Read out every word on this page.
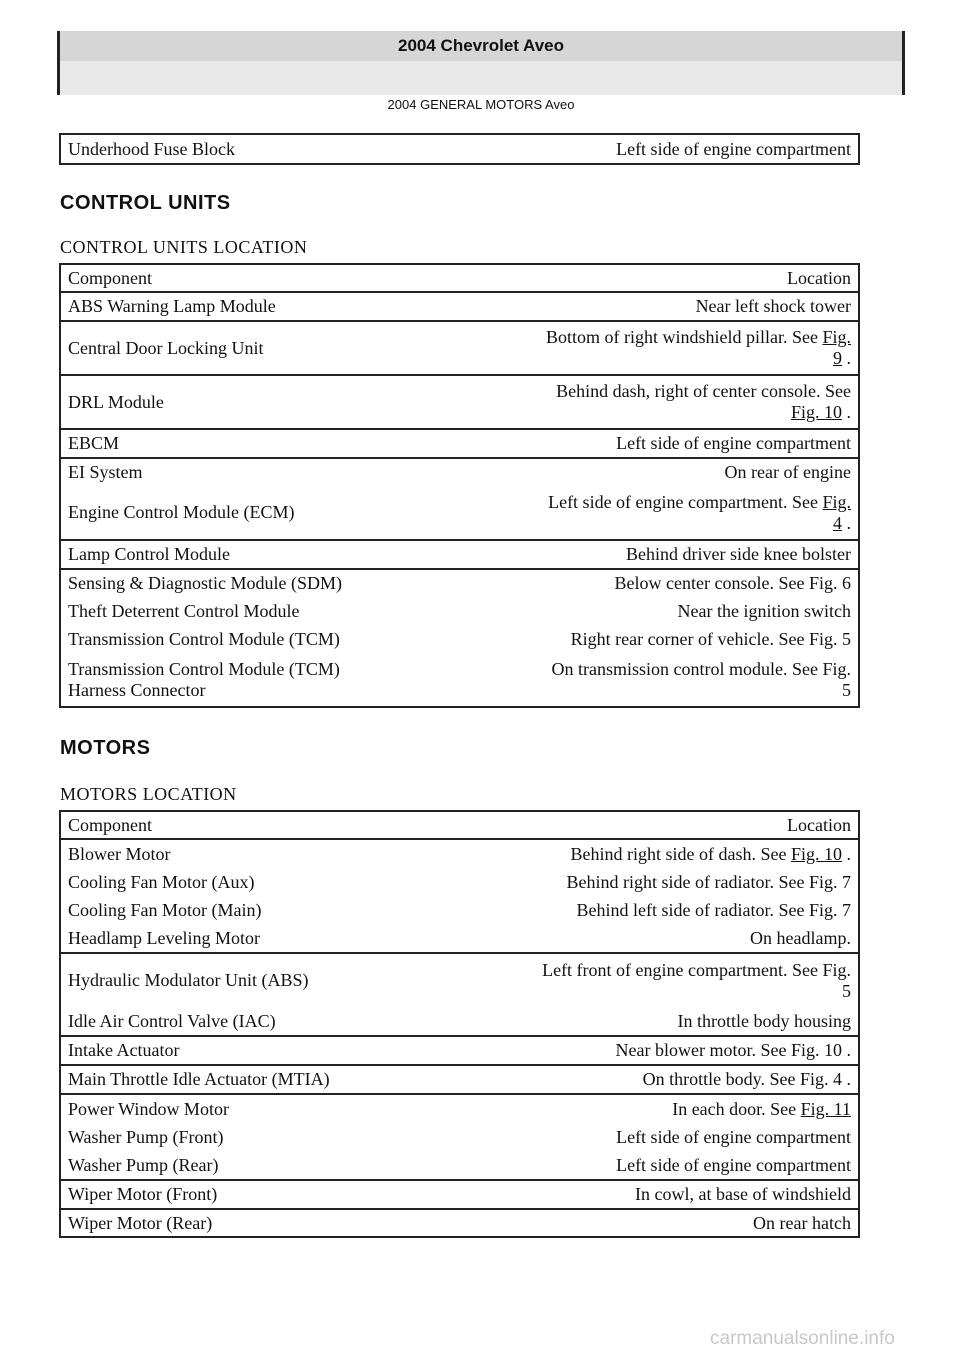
2004 Chevrolet Aveo
2004 GENERAL MOTORS Aveo
Underhood Fuse Block	Left side of engine compartment
CONTROL UNITS
CONTROL UNITS LOCATION
Component	Location
ABS Warning Lamp Module	Near left shock tower
Central Door Locking Unit	Bottom of right windshield pillar. See Fig.
9 .
DRL Module	Behind dash, right of center console. See
Fig. 10 .
EBCM	Left side of engine compartment
EI System	On rear of engine
Engine Control Module (ECM)	Left side of engine compartment. See Fig.
4 .
Lamp Control Module	Behind driver side knee bolster
Sensing & Diagnostic Module (SDM)	Below center console. See Fig. 6
Theft Deterrent Control Module	Near the ignition switch
Transmission Control Module (TCM)	Right rear corner of vehicle. See Fig. 5
Transmission Control Module (TCM)
Harness Connector	On transmission control module. See Fig.
5
MOTORS
MOTORS LOCATION
Component	Location
Blower Motor	Behind right side of dash. See Fig. 10 .
Cooling Fan Motor (Aux)	Behind right side of radiator. See Fig. 7
Cooling Fan Motor (Main)	Behind left side of radiator. See Fig. 7
Headlamp Leveling Motor	On headlamp.
Hydraulic Modulator Unit (ABS)	Left front of engine compartment. See Fig.
5
Idle Air Control Valve (IAC)	In throttle body housing
Intake Actuator	Near blower motor. See Fig. 10 .
Main Throttle Idle Actuator (MTIA)	On throttle body. See Fig. 4 .
Power Window Motor	In each door. See Fig. 11
Washer Pump (Front)	Left side of engine compartment
Washer Pump (Rear)	Left side of engine compartment
Wiper Motor (Front)	In cowl, at base of windshield
Wiper Motor (Rear)	On rear hatch
carmanualsonline.info
